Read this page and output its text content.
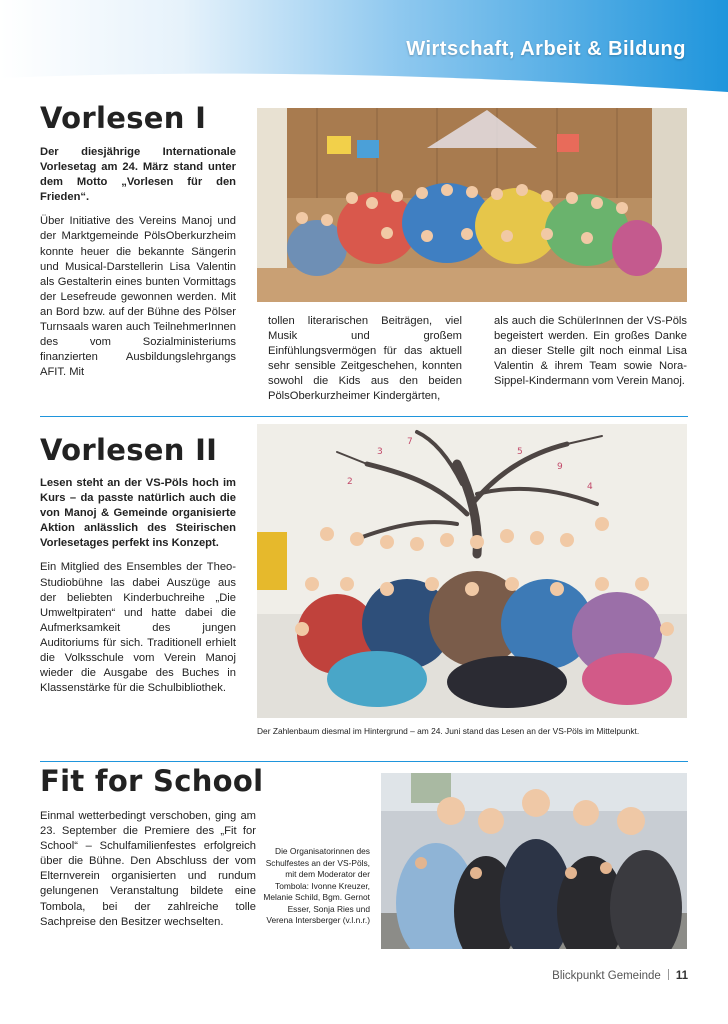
Wirtschaft, Arbeit & Bildung
Vorlesen I

Der diesjährige Internationale Vorlesetag am 24. März stand unter dem Motto „Vorlesen für den Frieden“.

Über Initiative des Vereins Manoj und der Marktgemeinde PölsOberkurzheim konnte heuer die bekannte Sängerin und Musical-Darstellerin Lisa Valentin als Gestalterin eines bunten Vormittags der Lesefreude gewonnen werden. Mit an Bord bzw. auf der Bühne des Pölser Turnsaals waren auch TeilnehmerInnen des vom Sozialministeriums finanzierten Ausbildungslehrgangs AFIT. Mit

tollen literarischen Beiträgen, viel Musik und großem Einfühlungsvermögen für das aktuell sehr sensible Zeitgeschehen, konnten sowohl die Kids aus den beiden PölsOberkurzheimer Kindergärten,
als auch die SchülerInnen der VS-Pöls begeistert werden. Ein großes Danke an dieser Stelle gilt noch einmal Lisa Valentin & ihrem Team sowie Nora-Sippel-Kindermann vom Verein Manoj.
Vorlesen II

Lesen steht an der VS-Pöls hoch im Kurs – da passte natürlich auch die von Manoj & Gemeinde organisierte Aktion anlässlich des Steirischen Vorlesetages perfekt ins Konzept.

Ein Mitglied des Ensembles der Theo-Studiobühne las dabei Auszüge aus der beliebten Kinderbuchreihe „Die Umweltpiraten“ und hatte dabei die Aufmerksamkeit des jungen Auditoriums für sich. Traditionell erhielt die Volksschule vom Verein Manoj wieder die Ausgabe des Buches in Klassenstärke für die Schulbibliothek.

3
7
5
9
2	4
Der Zahlenbaum diesmal im Hintergrund – am 24. Juni stand das Lesen an der VS-Pöls im Mittelpunkt.
Fit for School
Einmal wetterbedingt verschoben, ging am 23. September die Premiere des „Fit for School“ – Schulfamilienfestes erfolgreich über die Bühne. Den Abschluss der vom Elternverein organisierten und rundum gelungenen Veranstaltung bildete eine Tombola, bei der zahlreiche tolle Sachpreise den Besitzer wechselten.
Die Organisatorinnen des Schulfestes an der VS-Pöls, mit dem Moderator der Tombola: Ivonne Kreuzer, Melanie Schild, Bgm. Gernot Esser, Sonja Ries und Verena Intersberger (v.l.n.r.)
Blickpunkt Gemeinde 11
